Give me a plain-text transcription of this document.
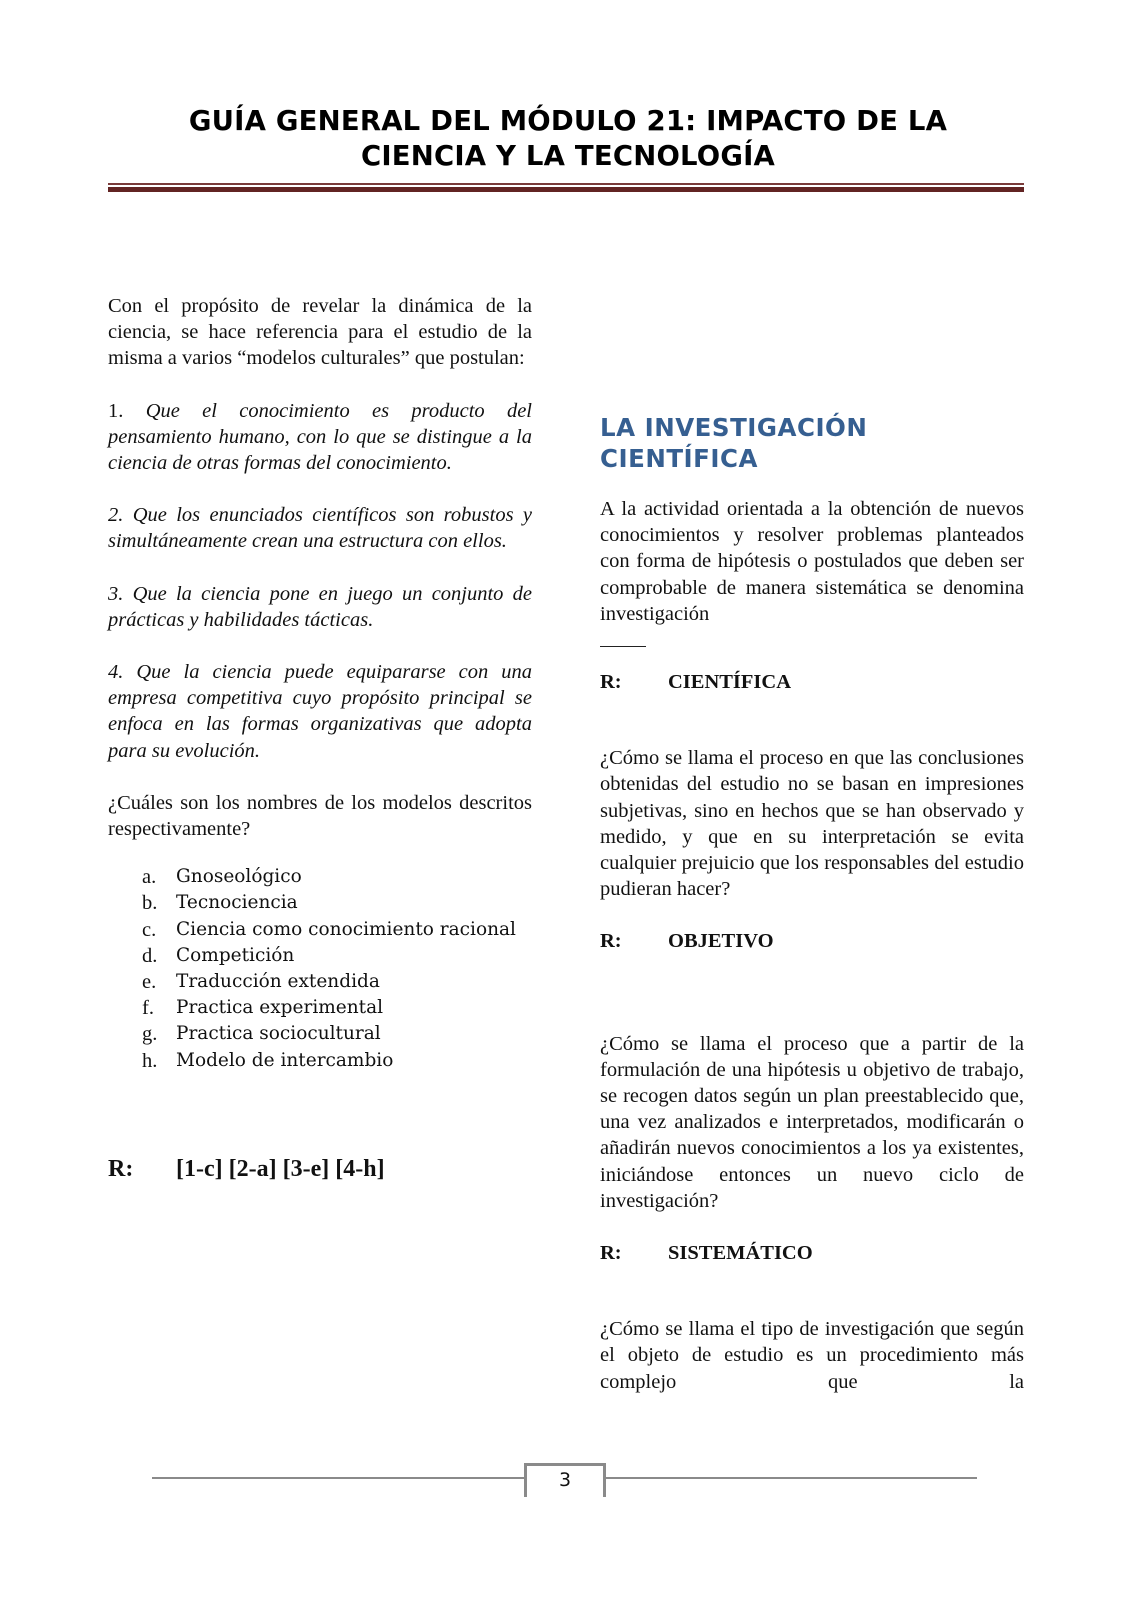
GUÍA GENERAL DEL MÓDULO 21: IMPACTO DE LA
CIENCIA Y LA TECNOLOGÍA

Con el propósito de revelar la dinámica de la ciencia, se hace referencia para el estudio de la misma a varios “modelos culturales” que postulan:

1. Que el conocimiento es producto del pensamiento humano, con lo que se distingue a la ciencia de otras formas del conocimiento.

2. Que los enunciados científicos son robustos y simultáneamente crean una estructura con ellos.

3. Que la ciencia pone en juego un conjunto de prácticas y habilidades tácticas.

4. Que la ciencia puede equipararse con una empresa competitiva cuyo propósito principal se enfoca en las formas organizativas que adopta para su evolución.

¿Cuáles son los nombres de los modelos descritos respectivamente?

a.	Gnoseológico
b.	Tecnociencia
c.	Ciencia como conocimiento racional
d.	Competición
e.	Traducción extendida
f.	Practica experimental
g.	Practica sociocultural
h.	Modelo de intercambio

R:	[1-c] [2-a] [3-e] [4-h]

LA INVESTIGACIÓN
CIENTÍFICA

A la actividad orientada a la obtención de nuevos conocimientos y resolver problemas planteados con forma de hipótesis o postulados que deben ser comprobable de manera sistemática se denomina investigación

R:	CIENTÍFICA

¿Cómo se llama el proceso en que las conclusiones obtenidas del estudio no se basan en impresiones subjetivas, sino en hechos que se han observado y medido, y que en su interpretación se evita cualquier prejuicio que los responsables del estudio pudieran hacer?

R:	OBJETIVO

¿Cómo se llama el proceso que a partir de la formulación de una hipótesis u objetivo de trabajo, se recogen datos según un plan preestablecido que, una vez analizados e interpretados, modificarán o añadirán nuevos conocimientos a los ya existentes, iniciándose entonces un nuevo ciclo de investigación?

R:	SISTEMÁTICO

¿Cómo se llama el tipo de investigación que según el objeto de estudio es un procedimiento más complejo que la

3
